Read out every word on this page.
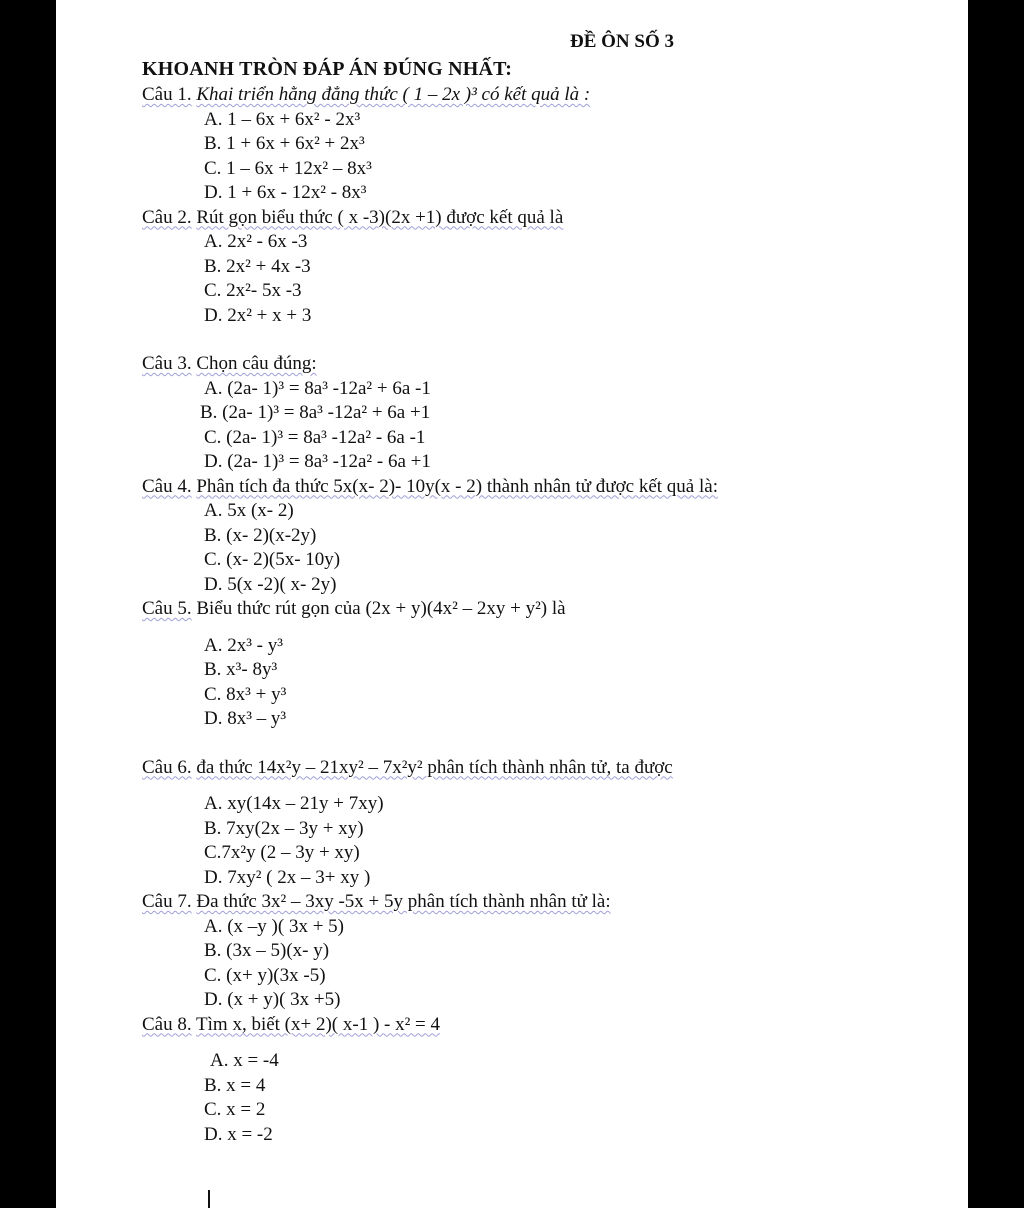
ĐỀ ÔN SỐ 3
KHOANH TRÒN ĐÁP ÁN ĐÚNG NHẤT:
Câu 1. Khai triển hằng đẳng thức ( 1 – 2x )³ có kết quả là :
A. 1 – 6x + 6x² - 2x³
B. 1 + 6x + 6x² + 2x³
C. 1 – 6x + 12x² – 8x³
D. 1 + 6x - 12x² - 8x³
Câu 2. Rút gọn biểu thức ( x -3)(2x +1) được kết quả là
A. 2x² - 6x -3
B. 2x² + 4x -3
C. 2x²- 5x -3
D. 2x² + x + 3
Câu 3. Chọn câu đúng:
A. (2a- 1)³ = 8a³ -12a² + 6a -1
B. (2a- 1)³ = 8a³ -12a² + 6a +1
C. (2a- 1)³ = 8a³ -12a² - 6a -1
D. (2a- 1)³ = 8a³ -12a² - 6a +1
Câu 4. Phân tích đa thức 5x(x- 2)- 10y(x - 2) thành nhân tử được kết quả là:
A. 5x (x- 2)
B. (x- 2)(x-2y)
C. (x- 2)(5x- 10y)
D. 5(x -2)( x- 2y)
Câu 5. Biểu thức rút gọn của (2x + y)(4x² – 2xy + y²) là
A. 2x³ - y³
B. x³- 8y³
C. 8x³ + y³
D. 8x³ – y³
Câu 6. đa thức 14x²y – 21xy² – 7x²y² phân tích thành nhân tử, ta được
A. xy(14x – 21y + 7xy)
B. 7xy(2x – 3y + xy)
C.7x²y (2 – 3y + xy)
D. 7xy² ( 2x – 3+ xy )
Câu 7. Đa thức 3x² – 3xy -5x + 5y phân tích thành nhân tử là:
A. (x –y )( 3x + 5)
B. (3x – 5)(x- y)
C. (x+ y)(3x -5)
D. (x + y)( 3x +5)
Câu 8. Tìm x, biết (x+ 2)( x-1 ) - x² = 4
A. x = -4
B. x = 4
C. x = 2
D. x = -2
